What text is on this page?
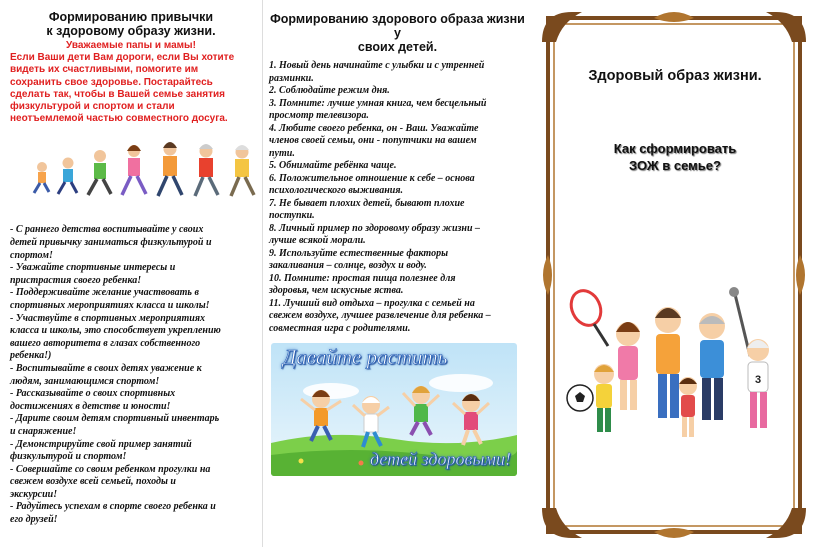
Формированию привычки
к здоровому образу жизни.
Уважаемые папы и мамы!
Если Ваши дети Вам дороги, если Вы хотите
видеть их счастливыми, помогите им
сохранить свое здоровье. Постарайтесь
сделать так, чтобы в Вашей семье занятия
физкультурой и спортом и стали
неотъемлемой частью совместного досуга.

- С раннего детства воспитывайте у своих

детей привычку заниматься физкультурой и

спортом!

- Уважайте спортивные интересы и

пристрастия своего ребенка!

- Поддерживайте желание участвовать в

спортивных мероприятиях класса и школы!

- Участвуйте в спортивных мероприятиях

класса и школы, это способствует укреплению

вашего авторитета в глазах собственного

ребенка!)

- Воспитывайте в своих детях уважение к

людям, занимающимся спортом!

- Рассказывайте о своих спортивных

достижениях в детстве и юности!

- Дарите своим детям спортивный инвентарь

и снаряжение!

- Демонстрируйте свой пример занятий

физкультурой и спортом!

- Совершайте со своим ребенком прогулки на

свежем воздухе всей семьей, походы и

экскурсии!

- Радуйтесь успехам в спорте своего ребенка и

его друзей!

Формированию здорового образа жизни у
своих детей.

1. Новый день начинайте с улыбки и с утренней

разминки.

2. Соблюдайте режим дня.

3. Помните: лучше умная книга, чем бесцельный

просмотр телевизора.

4. Любите своего ребенка, он - Ваш. Уважайте

членов своей семьи, они - попутчики на вашем

пути.

5. Обнимайте ребёнка чаще.

6. Положительное отношение к себе – основа

психологического выживания.

7. Не бывает плохих детей, бывают плохие

поступки.

8. Личный пример по здоровому образу жизни –

лучше всякой морали.

9. Используйте естественные факторы

закаливания – солнце, воздух и воду.

10. Помните: простая пища полезнее для

здоровья, чем искусные яства.

11. Лучший вид отдыха – прогулка с семьей на

свежем воздухе, лучшее развлечение для ребенка –

совместная игра с родителями.

Давайте растить
детей здоровыми!
Здоровый образ жизни.
Как сформировать
ЗОЖ в семье?
3
